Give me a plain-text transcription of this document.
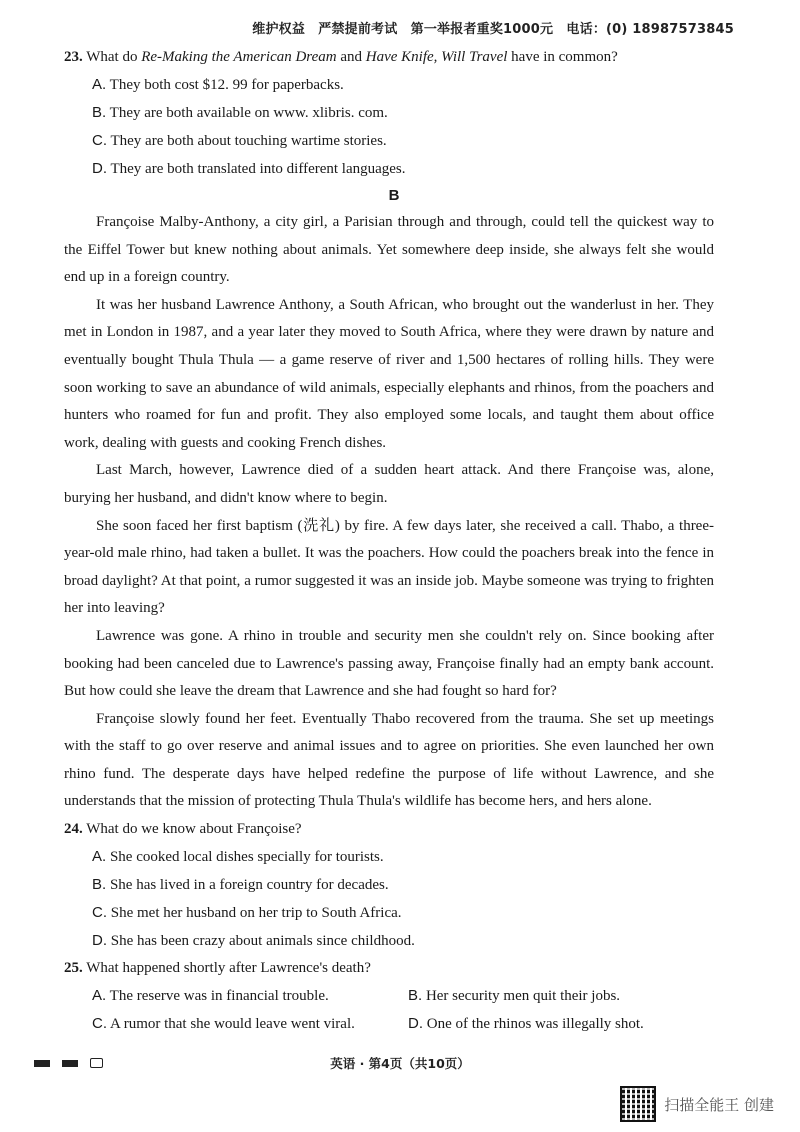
维护权益　严禁提前考试　第一举报者重奖1000元　电话：(0) 18987573845

23. What do Re-Making the American Dream and Have Knife, Will Travel have in common?

A. They both cost $12. 99 for paperbacks.

B. They are both available on www. xlibris. com.

C. They are both about touching wartime stories.

D. They are both translated into different languages.

B

Françoise Malby-Anthony, a city girl, a Parisian through and through, could tell the quickest way to the Eiffel Tower but knew nothing about animals. Yet somewhere deep inside, she always felt she would end up in a foreign country.

It was her husband Lawrence Anthony, a South African, who brought out the wanderlust in her. They met in London in 1987, and a year later they moved to South Africa, where they were drawn by nature and eventually bought Thula Thula — a game reserve of river and 1,500 hectares of rolling hills. They were soon working to save an abundance of wild animals, especially elephants and rhinos, from the poachers and hunters who roamed for fun and profit. They also employed some locals, and taught them about office work, dealing with guests and cooking French dishes.

Last March, however, Lawrence died of a sudden heart attack. And there Françoise was, alone, burying her husband, and didn't know where to begin.

She soon faced her first baptism (洗礼) by fire. A few days later, she received a call. Thabo, a three-year-old male rhino, had taken a bullet. It was the poachers. How could the poachers break into the fence in broad daylight? At that point, a rumor suggested it was an inside job. Maybe someone was trying to frighten her into leaving?

Lawrence was gone. A rhino in trouble and security men she couldn't rely on. Since booking after booking had been canceled due to Lawrence's passing away, Françoise finally had an empty bank account. But how could she leave the dream that Lawrence and she had fought so hard for?

Françoise slowly found her feet. Eventually Thabo recovered from the trauma. She set up meetings with the staff to go over reserve and animal issues and to agree on priorities. She even launched her own rhino fund. The desperate days have helped redefine the purpose of life without Lawrence, and she understands that the mission of protecting Thula Thula's wildlife has become hers, and hers alone.

24. What do we know about Françoise?

A. She cooked local dishes specially for tourists.

B. She has lived in a foreign country for decades.

C. She met her husband on her trip to South Africa.

D. She has been crazy about animals since childhood.

25. What happened shortly after Lawrence's death?

A. The reserve was in financial trouble.	B. Her security men quit their jobs.

C. A rumor that she would leave went viral.	D. One of the rhinos was illegally shot.

英语 · 第4页（共10页）
扫描全能王 创建
